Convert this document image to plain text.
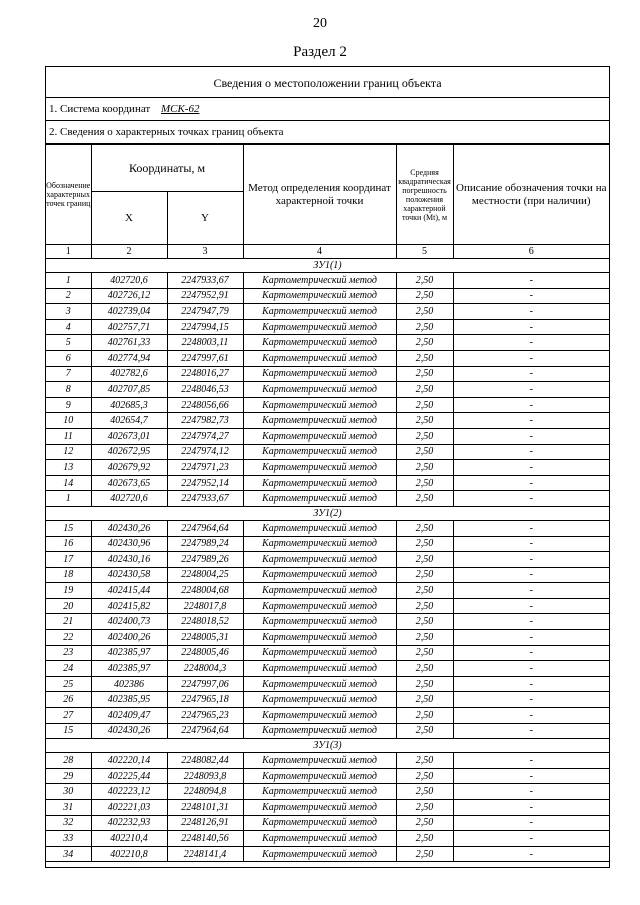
20
Раздел 2
Сведения о местоположении границ объекта
1. Система координат МСК-62
2. Сведения о характерных точках границ объекта
Обозначение характерных точек границ	Координаты, м		Метод определения координат характерной точки	Средняя квадратическая погрешность положения характерной точки (Mt), м	Описание обозначения точки на местности (при наличии)
	X	Y			
1	2	3	4	5	6
ЗУ1(1)					
1	402720,6	2247933,67	Картометрический метод	2,50	-
2	402726,12	2247952,91	Картометрический метод	2,50	-
3	402739,04	2247947,79	Картометрический метод	2,50	-
4	402757,71	2247994,15	Картометрический метод	2,50	-
5	402761,33	2248003,11	Картометрический метод	2,50	-
6	402774,94	2247997,61	Картометрический метод	2,50	-
7	402782,6	2248016,27	Картометрический метод	2,50	-
8	402707,85	2248046,53	Картометрический метод	2,50	-
9	402685,3	2248056,66	Картометрический метод	2,50	-
10	402654,7	2247982,73	Картометрический метод	2,50	-
11	402673,01	2247974,27	Картометрический метод	2,50	-
12	402672,95	2247974,12	Картометрический метод	2,50	-
13	402679,92	2247971,23	Картометрический метод	2,50	-
14	402673,65	2247952,14	Картометрический метод	2,50	-
1	402720,6	2247933,67	Картометрический метод	2,50	-
ЗУ1(2)					
15	402430,26	2247964,64	Картометрический метод	2,50	-
16	402430,96	2247989,24	Картометрический метод	2,50	-
17	402430,16	2247989,26	Картометрический метод	2,50	-
18	402430,58	2248004,25	Картометрический метод	2,50	-
19	402415,44	2248004,68	Картометрический метод	2,50	-
20	402415,82	2248017,8	Картометрический метод	2,50	-
21	402400,73	2248018,52	Картометрический метод	2,50	-
22	402400,26	2248005,31	Картометрический метод	2,50	-
23	402385,97	2248005,46	Картометрический метод	2,50	-
24	402385,97	2248004,3	Картометрический метод	2,50	-
25	402386	2247997,06	Картометрический метод	2,50	-
26	402385,95	2247965,18	Картометрический метод	2,50	-
27	402409,47	2247965,23	Картометрический метод	2,50	-
15	402430,26	2247964,64	Картометрический метод	2,50	-
ЗУ1(3)					
28	402220,14	2248082,44	Картометрический метод	2,50	-
29	402225,44	2248093,8	Картометрический метод	2,50	-
30	402223,12	2248094,8	Картометрический метод	2,50	-
31	402221,03	2248101,31	Картометрический метод	2,50	-
32	402232,93	2248126,91	Картометрический метод	2,50	-
33	402210,4	2248140,56	Картометрический метод	2,50	-
34	402210,8	2248141,4	Картометрический метод	2,50	-
